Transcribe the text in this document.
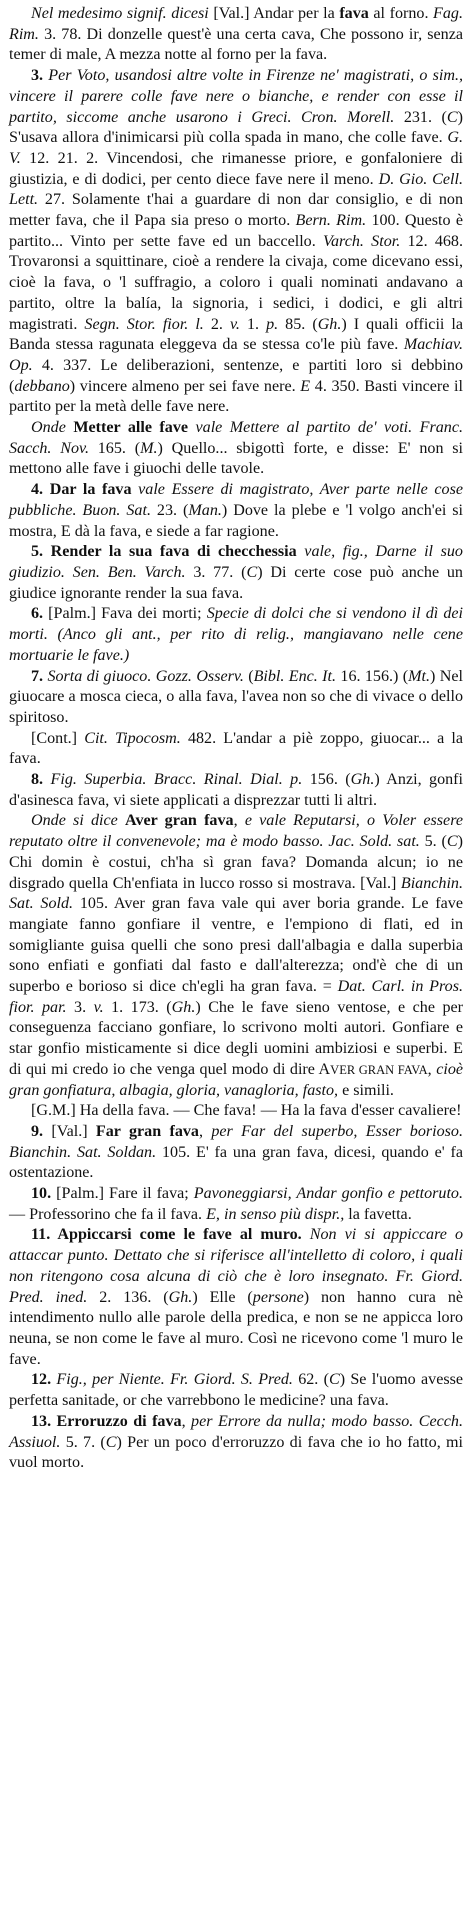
Nel medesimo signif. dicesi [Val.] Andar per la fava al forno. Fag. Rim. 3. 78. Di donzelle quest'è una certa cava, Che possono ir, senza temer di male, A mezza notte al forno per la fava.

3. Per Voto, usandosi altre volte in Firenze ne' magistrati, o sim., vincere il parere colle fave nere o bianche, e render con esse il partito, siccome anche usarono i Greci. Cron. Morell. 231. (C) S'usava allora d'inimicarsi più colla spada in mano, che colle fave. G. V. 12. 21. 2. Vincendosi, che rimanesse priore, e gonfaloniere di giustizia, e di dodici, per cento diece fave nere il meno. D. Gio. Cell. Lett. 27. Solamente t'hai a guardare di non dar consiglio, e di non metter fava, che il Papa sia preso o morto. Bern. Rim. 100. Questo è partito... Vinto per sette fave ed un baccello. Varch. Stor. 12. 468. Trovaronsi a squittinare, cioè a rendere la civaja, come dicevano essi, cioè la fava, o 'l suffragio, a coloro i quali nominati andavano a partito, oltre la balía, la signoria, i sedici, i dodici, e gli altri magistrati. Segn. Stor. fior. l. 2. v. 1. p. 85. (Gh.) I quali officii la Banda stessa ragunata eleggeva da se stessa co'le più fave. Machiav. Op. 4. 337. Le deliberazioni, sentenze, e partiti loro si debbino (debbano) vincere almeno per sei fave nere. E 4. 350. Basti vincere il partito per la metà delle fave nere.

Onde Metter alle fave vale Mettere al partito de' voti. Franc. Sacch. Nov. 165. (M.) Quello... sbigottì forte, e disse: E' non si mettono alle fave i giuochi delle tavole.

4. Dar la fava vale Essere di magistrato, Aver parte nelle cose pubbliche. Buon. Sat. 23. (Man.) Dove la plebe e 'l volgo anch'ei si mostra, E dà la fava, e siede a far ragione.

5. Render la sua fava di checchessia vale, fig., Darne il suo giudizio. Sen. Ben. Varch. 3. 77. (C) Di certe cose può anche un giudice ignorante render la sua fava.

6. [Palm.] Fava dei morti; Specie di dolci che si vendono il dì dei morti. (Anco gli ant., per rito di relig., mangiavano nelle cene mortuarie le fave.)

7. Sorta di giuoco. Gozz. Osserv. (Bibl. Enc. It. 16. 156.) (Mt.) Nel giuocare a mosca cieca, o alla fava, l'avea non so che di vivace o dello spiritoso.

[Cont.] Cit. Tipocosm. 482. L'andar a piè zoppo, giuocar... a la fava.

8. Fig. Superbia. Bracc. Rinal. Dial. p. 156. (Gh.) Anzi, gonfi d'asinesca fava, vi siete applicati a disprezzar tutti li altri.

Onde si dice Aver gran fava, e vale Reputarsi, o Voler essere reputato oltre il convenevole; ma è modo basso. Jac. Sold. sat. 5. (C) Chi domin è costui, ch'ha sì gran fava? Domanda alcun; io ne disgrado quella Ch'enfiata in lucco rosso si mostrava. [Val.] Bianchin. Sat. Sold. 105. Aver gran fava vale qui aver boria grande. Le fave mangiate fanno gonfiare il ventre, e l'empiono di flati, ed in somigliante guisa quelli che sono presi dall'albagia e dalla superbia sono enfiati e gonfiati dal fasto e dall'alterezza; ond'è che di un superbo e borioso si dice ch'egli ha gran fava. = Dat. Carl. in Pros. fior. par. 3. v. 1. 173. (Gh.) Che le fave sieno ventose, e che per conseguenza facciano gonfiare, lo scrivono molti autori. Gonfiare e star gonfio misticamente si dice degli uomini ambiziosi e superbi. E di qui mi credo io che venga quel modo di dire AVER GRAN FAVA, cioè gran gonfiatura, albagia, gloria, vanagloria, fasto, e simili.

[G.M.] Ha della fava. — Che fava! — Ha la fava d'esser cavaliere!

9. [Val.] Far gran fava, per Far del superbo, Esser borioso. Bianchin. Sat. Soldan. 105. E' fa una gran fava, dicesi, quando e' fa ostentazione.

10. [Palm.] Fare il fava; Pavoneggiarsi, Andar gonfio e pettoruto. — Professorino che fa il fava. E, in senso più dispr., la favetta.

11. Appiccarsi come le fave al muro. Non vi si appiccare o attaccar punto. Dettato che si riferisce all'intelletto di coloro, i quali non ritengono cosa alcuna di ciò che è loro insegnato. Fr. Giord. Pred. ined. 2. 136. (Gh.) Elle (persone) non hanno cura nè intendimento nullo alle parole della predica, e non se ne appicca loro neuna, se non come le fave al muro. Così ne ricevono come 'l muro le fave.

12. Fig., per Niente. Fr. Giord. S. Pred. 62. (C) Se l'uomo avesse perfetta sanitade, or che varrebbono le medicine? una fava.

13. Erroruzzo di fava, per Errore da nulla; modo basso. Cecch. Assiuol. 5. 7. (C) Per un poco d'erroruzzo di fava che io ho fatto, mi vuol morto.
